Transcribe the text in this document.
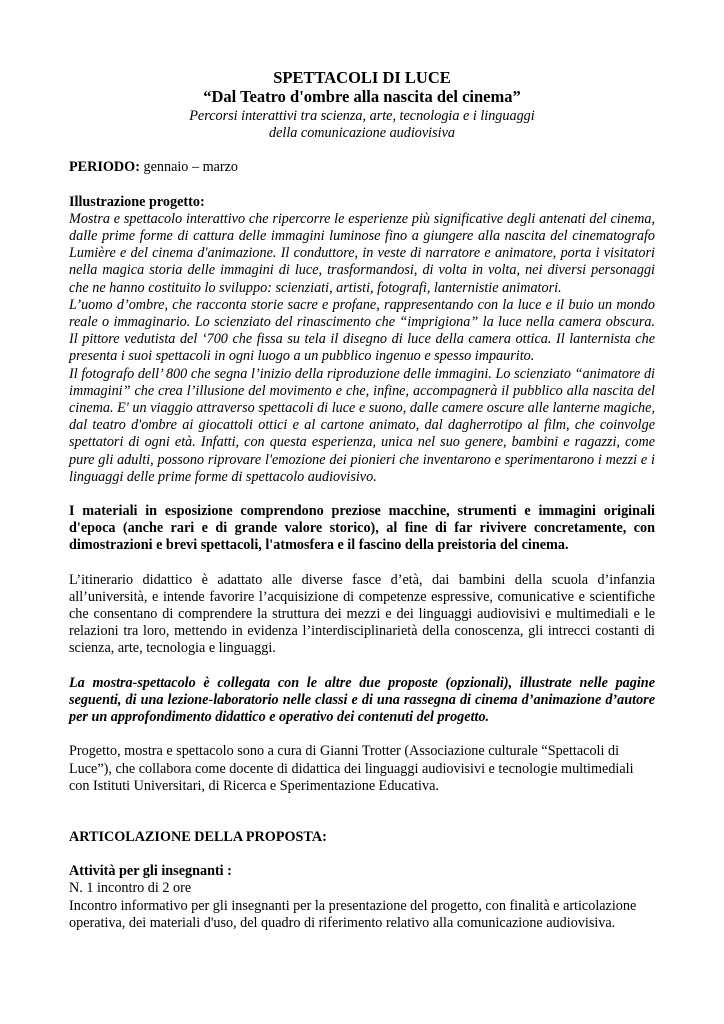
SPETTACOLI DI LUCE

“Dal Teatro d'ombre alla nascita del cinema”

Percorsi interattivi tra scienza, arte, tecnologia e i linguaggi

della comunicazione audiovisiva

PERIODO: gennaio – marzo

Illustrazione progetto:

Mostra e spettacolo interattivo che ripercorre le esperienze più significative degli antenati del cinema, dalle prime forme di cattura delle immagini luminose fino a giungere alla nascita del cinematografo Lumière e del cinema d'animazione. Il conduttore, in veste di narratore e animatore, porta i visitatori nella magica storia delle immagini di luce, trasformandosi, di volta in volta, nei diversi personaggi che ne hanno costituito lo sviluppo: scienziati, artisti, fotografi, lanternistie animatori.

L’uomo d’ombre, che racconta storie sacre e profane, rappresentando con la luce e il buio un mondo reale o immaginario. Lo scienziato del rinascimento che “imprigiona” la luce nella camera obscura. Il pittore vedutista del ‘700 che fissa su tela il disegno di luce della camera ottica. Il lanternista che presenta i suoi spettacoli in ogni luogo a un pubblico ingenuo e spesso impaurito.

Il fotografo dell’ 800 che segna l’inizio della riproduzione delle immagini. Lo scienziato “animatore di immagini” che crea l’illusione del movimento e che, infine, accompagnerà il pubblico alla nascita del cinema. E' un viaggio attraverso spettacoli di luce e suono, dalle camere oscure alle lanterne magiche, dal teatro d'ombre ai giocattoli ottici e al cartone animato, dal dagherrotipo al film, che coinvolge spettatori di ogni età. Infatti, con questa esperienza, unica nel suo genere, bambini e ragazzi, come pure gli adulti, possono riprovare l'emozione dei pionieri che inventarono e sperimentarono i mezzi e i linguaggi delle prime forme di spettacolo audiovisivo.

I materiali in esposizione comprendono preziose macchine, strumenti e immagini originali d'epoca (anche rari e di grande valore storico), al fine di far rivivere concretamente, con dimostrazioni e brevi spettacoli, l'atmosfera e il fascino della preistoria del cinema.

L’itinerario didattico è adattato alle diverse fasce d’età, dai bambini della scuola d’infanzia all’università, e intende favorire l’acquisizione di competenze espressive, comunicative e scientifiche che consentano di comprendere la struttura dei mezzi e dei linguaggi audiovisivi e multimediali e le relazioni tra loro, mettendo in evidenza l’interdisciplinarietà della conoscenza, gli intrecci costanti di scienza, arte, tecnologia e linguaggi.

La mostra-spettacolo è collegata con le altre due proposte (opzionali), illustrate nelle pagine seguenti, di una lezione-laboratorio nelle classi e di una rassegna di cinema d’animazione d’autore per un approfondimento didattico e operativo dei contenuti del progetto.

Progetto, mostra e spettacolo sono a cura di Gianni Trotter (Associazione culturale “Spettacoli di Luce”), che collabora come docente di didattica dei linguaggi audiovisivi e tecnologie multimediali con Istituti Universitari, di Ricerca e Sperimentazione Educativa.

ARTICOLAZIONE DELLA PROPOSTA:

Attività per gli insegnanti :

N. 1 incontro di 2 ore

Incontro informativo per gli insegnanti per la presentazione del progetto, con finalità e articolazione operativa, dei materiali d'uso, del quadro di riferimento relativo alla comunicazione audiovisiva.
